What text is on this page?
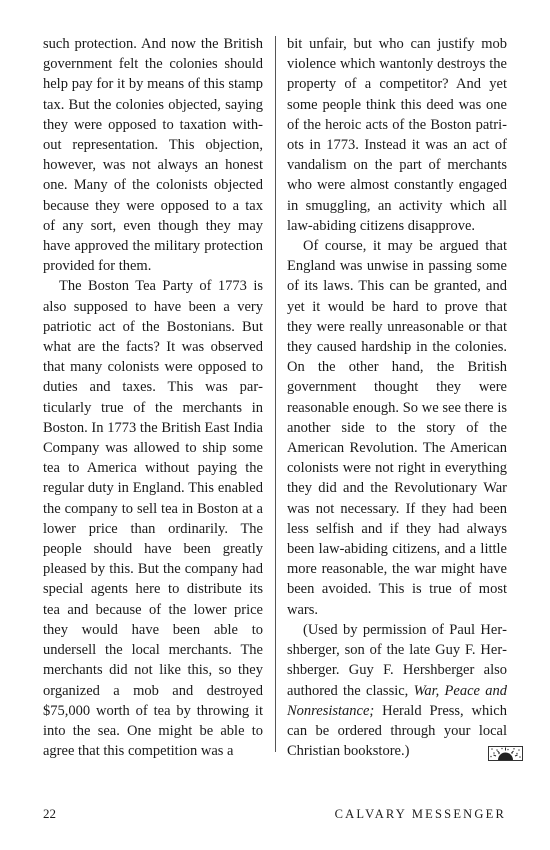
such protection. And now the British government felt the colonies should help pay for it by means of this stamp tax. But the colonies objected, saying they were opposed to taxation without representation. This objection, however, was not always an honest one. Many of the colonists objected because they were opposed to a tax of any sort, even though they may have approved the military protection provided for them.

The Boston Tea Party of 1773 is also supposed to have been a very patriotic act of the Bostonians. But what are the facts? It was observed that many colonists were opposed to duties and taxes. This was particularly true of the merchants in Boston. In 1773 the British East India Company was allowed to ship some tea to America without paying the regular duty in England. This enabled the company to sell tea in Boston at a lower price than ordinarily. The people should have been greatly pleased by this. But the company had special agents here to distribute its tea and because of the lower price they would have been able to undersell the local merchants. The merchants did not like this, so they organized a mob and destroyed $75,000 worth of tea by throwing it into the sea. One might be able to agree that this competition was a

bit unfair, but who can justify mob violence which wantonly destroys the property of a competitor? And yet some people think this deed was one of the heroic acts of the Boston patriots in 1773. Instead it was an act of vandalism on the part of merchants who were almost constantly engaged in smuggling, an activity which all law-abiding citizens disapprove.

Of course, it may be argued that England was unwise in passing some of its laws. This can be granted, and yet it would be hard to prove that they were really unreasonable or that they caused hardship in the colonies. On the other hand, the British government thought they were reasonable enough. So we see there is another side to the story of the American Revolution. The American colonists were not right in everything they did and the Revolutionary War was not necessary. If they had been less selfish and if they had always been law-abiding citizens, and a little more reasonable, the war might have been avoided. This is true of most wars.

(Used by permission of Paul Hershberger, son of the late Guy F. Hershberger. Guy F. Hershberger also authored the classic, War, Peace and Nonresistance; Herald Press, which can be ordered through your local Christian bookstore.)

22	CALVARY MESSENGER
